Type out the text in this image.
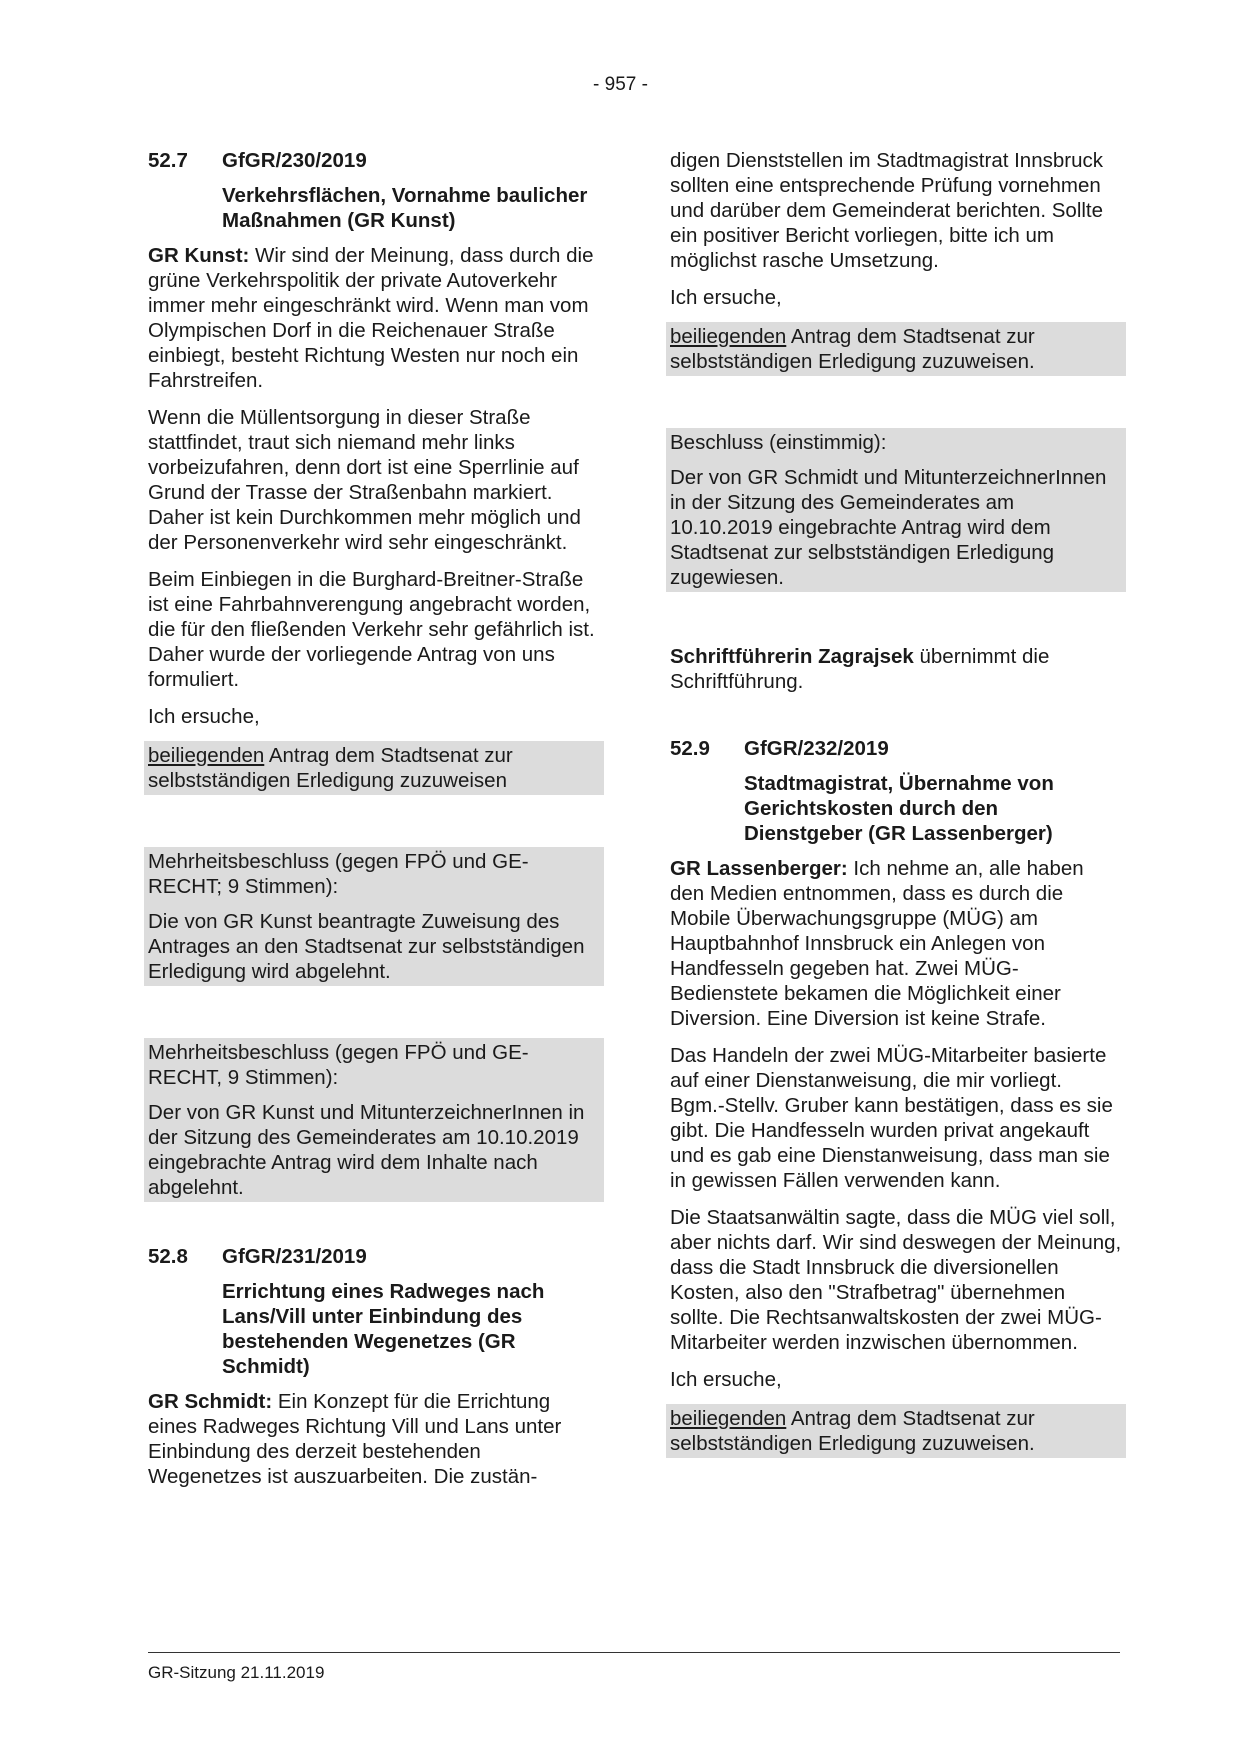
- 957 -
52.7	GfGR/230/2019
Verkehrsflächen, Vornahme baulicher Maßnahmen (GR Kunst)

GR Kunst: Wir sind der Meinung, dass durch die grüne Verkehrspolitik der private Autoverkehr immer mehr eingeschränkt wird. Wenn man vom Olympischen Dorf in die Reichenauer Straße einbiegt, besteht Richtung Westen nur noch ein Fahrstreifen.

Wenn die Müllentsorgung in dieser Straße stattfindet, traut sich niemand mehr links vorbeizufahren, denn dort ist eine Sperrlinie auf Grund der Trasse der Straßenbahn markiert. Daher ist kein Durchkommen mehr möglich und der Personenverkehr wird sehr eingeschränkt.

Beim Einbiegen in die Burghard-Breitner-Straße ist eine Fahrbahnverengung angebracht worden, die für den fließenden Verkehr sehr gefährlich ist. Daher wurde der vorliegende Antrag von uns formuliert.

Ich ersuche,

beiliegenden Antrag dem Stadtsenat zur selbstständigen Erledigung zuzuweisen

Mehrheitsbeschluss (gegen FPÖ und GE-RECHT; 9 Stimmen):

Die von GR Kunst beantragte Zuweisung des Antrages an den Stadtsenat zur selbstständigen Erledigung wird abgelehnt.

Mehrheitsbeschluss (gegen FPÖ und GE-RECHT, 9 Stimmen):

Der von GR Kunst und MitunterzeichnerInnen in der Sitzung des Gemeinderates am 10.10.2019 eingebrachte Antrag wird dem Inhalte nach abgelehnt.

52.8	GfGR/231/2019
Errichtung eines Radweges nach Lans/Vill unter Einbindung des bestehenden Wegenetzes (GR Schmidt)

GR Schmidt: Ein Konzept für die Errichtung eines Radweges Richtung Vill und Lans unter Einbindung des derzeit bestehenden Wegenetzes ist auszuarbeiten. Die zustän-

digen Dienststellen im Stadtmagistrat Innsbruck sollten eine entsprechende Prüfung vornehmen und darüber dem Gemeinderat berichten. Sollte ein positiver Bericht vorliegen, bitte ich um möglichst rasche Umsetzung.

Ich ersuche,

beiliegenden Antrag dem Stadtsenat zur selbstständigen Erledigung zuzuweisen.

Beschluss (einstimmig):

Der von GR Schmidt und MitunterzeichnerInnen in der Sitzung des Gemeinderates am 10.10.2019 eingebrachte Antrag wird dem Stadtsenat zur selbstständigen Erledigung zugewiesen.

Schriftführerin Zagrajsek übernimmt die Schriftführung.

52.9	GfGR/232/2019
Stadtmagistrat, Übernahme von Gerichtskosten durch den Dienstgeber (GR Lassenberger)

GR Lassenberger: Ich nehme an, alle haben den Medien entnommen, dass es durch die Mobile Überwachungsgruppe (MÜG) am Hauptbahnhof Innsbruck ein Anlegen von Handfesseln gegeben hat. Zwei MÜG-Bedienstete bekamen die Möglichkeit einer Diversion. Eine Diversion ist keine Strafe.

Das Handeln der zwei MÜG-Mitarbeiter basierte auf einer Dienstanweisung, die mir vorliegt. Bgm.-Stellv. Gruber kann bestätigen, dass es sie gibt. Die Handfesseln wurden privat angekauft und es gab eine Dienstanweisung, dass man sie in gewissen Fällen verwenden kann.

Die Staatsanwältin sagte, dass die MÜG viel soll, aber nichts darf. Wir sind deswegen der Meinung, dass die Stadt Innsbruck die diversionellen Kosten, also den "Strafbetrag" übernehmen sollte. Die Rechtsanwaltskosten der zwei MÜG-Mitarbeiter werden inzwischen übernommen.

Ich ersuche,

beiliegenden Antrag dem Stadtsenat zur selbstständigen Erledigung zuzuweisen.
GR-Sitzung 21.11.2019
